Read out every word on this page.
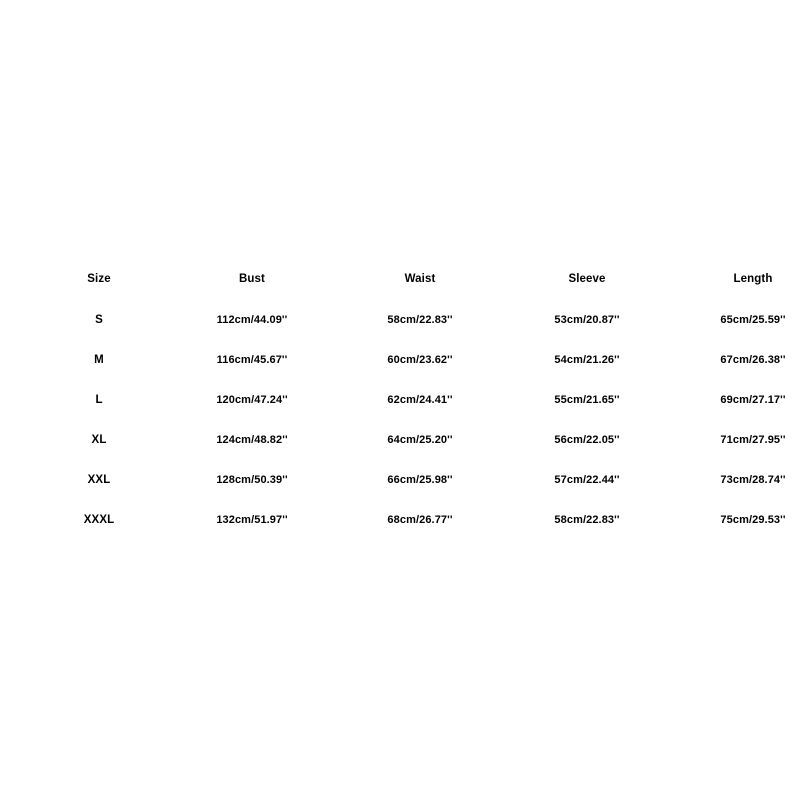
Size	Bust	Waist	Sleeve	Length
S	112cm/44.09''	58cm/22.83''	53cm/20.87''	65cm/25.59''
M	116cm/45.67''	60cm/23.62''	54cm/21.26''	67cm/26.38''
L	120cm/47.24''	62cm/24.41''	55cm/21.65''	69cm/27.17''
XL	124cm/48.82''	64cm/25.20''	56cm/22.05''	71cm/27.95''
XXL	128cm/50.39''	66cm/25.98''	57cm/22.44''	73cm/28.74''
XXXL	132cm/51.97''	68cm/26.77''	58cm/22.83''	75cm/29.53''
